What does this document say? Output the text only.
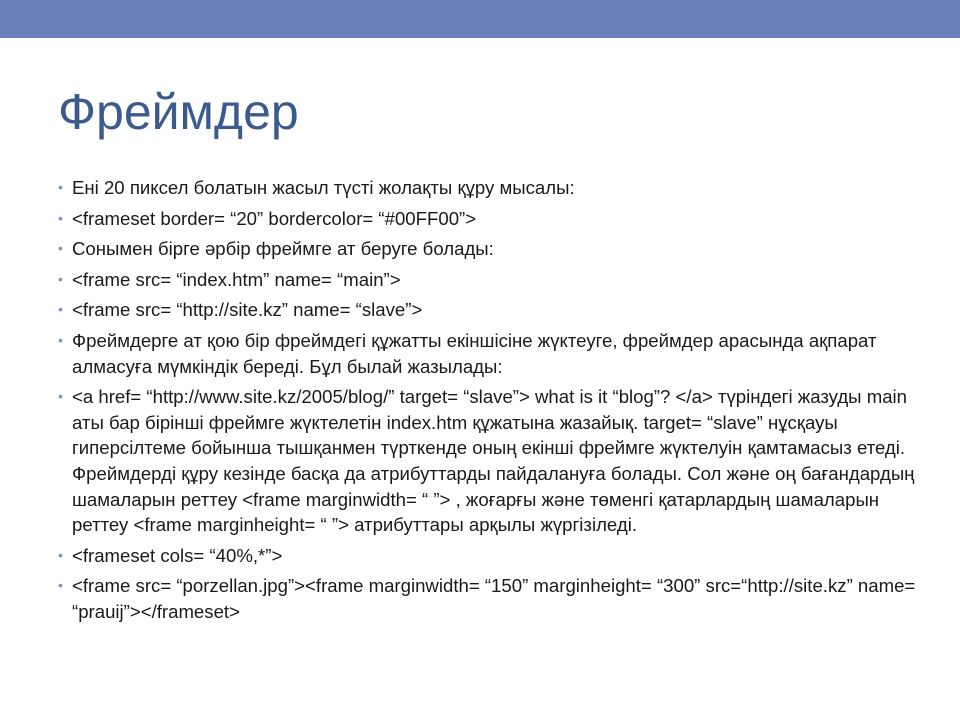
Фреймдер
• Ені 20 пиксел болатын жасыл түсті жолақты құру мысалы:
• <frameset border= “20” bordercolor= “#00FF00”>
• Сонымен бірге әрбір фреймге ат беруге болады:
• <frame src= “index.htm” name= “main”>
• <frame src= “http://site.kz” name= “slave”>
• Фреймдерге ат қою бір фреймдегі құжатты екіншісіне жүктеуге, фреймдер арасында ақпарат алмасуға мүмкіндік береді. Бұл былай жазылады:
• <a href= “http://www.site.kz/2005/blog/” target= “slave”> what is it “blog”? </a> түріндегі жазуды main аты бар бірінші фреймге жүктелетін index.htm құжатына жазайық. target= “slave” нұсқауы гиперсілтеме бойынша тышқанмен түрткенде оның екінші фреймге жүктелуін қамтамасыз етеді. Фреймдерді құру кезінде басқа да атрибуттарды пайдалануға болады. Сол және оң бағандардың шамаларын реттеу <frame marginwidth= “ ”> , жоғарғы және төменгі қатарлардың шамаларын реттеу <frame marginheight= “ ”> атрибуттары арқылы жүргізіледі.
• <frameset cols= “40%,*”>
• <frame src= “porzellan.jpg”><frame marginwidth= “150” marginheight= “300” src=“http://site.kz” name= “prauij”></frameset>
